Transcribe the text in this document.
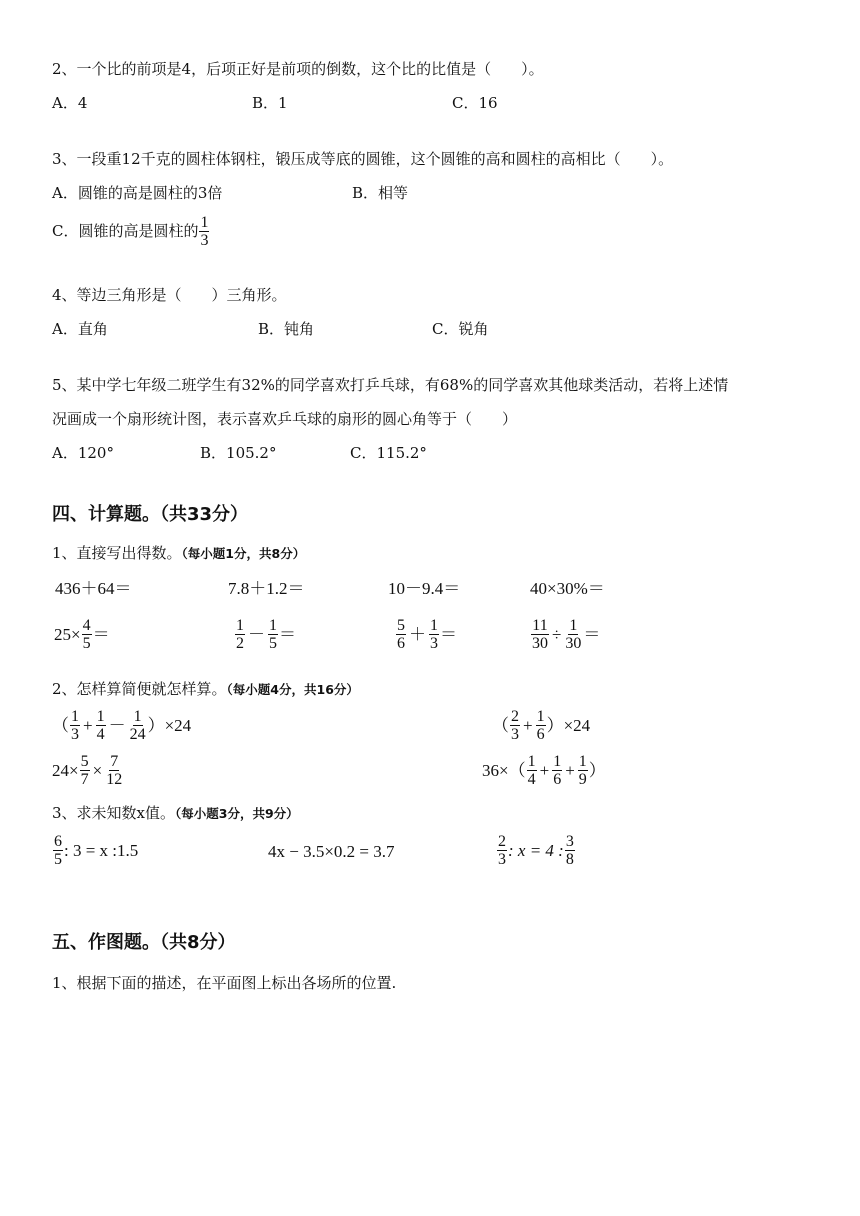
2、一个比的前项是4，后项正好是前项的倒数，这个比的比值是（　　）。
A．4	B．1	C．16
3、一段重12千克的圆柱体钢柱，锻压成等底的圆锥，这个圆锥的高和圆柱的高相比（　　）。
A．圆锥的高是圆柱的3倍	B．相等
C．圆锥的高是圆柱的 $\frac{1}{3}$
4、等边三角形是（　　）三角形。
A．直角	B．钝角	C．锐角
5、某中学七年级二班学生有32%的同学喜欢打乒乓球，有68%的同学喜欢其他球类活动，若将上述情
况画成一个扇形统计图，表示喜欢乒乓球的扇形的圆心角等于（　　）
A．120°	B．105.2°	C．115.2°
四、计算题。（共33分）
1、直接写出得数。（每小题1分，共8分）
436＋64＝	7.8＋1.2＝	10－9.4＝	40×30%＝
$25\times \frac{4}{5}$ ＝	$\frac{1}{2} - \frac{1}{5}$ ＝	$\frac{5}{6} + \frac{1}{3}$ ＝	$\frac{11}{30} \div \frac{1}{30}$ ＝
2、怎样算简便就怎样算。（每小题4分，共16分）
（ $\frac{1}{3} + \frac{1}{4} - \frac{1}{24} )\times 24$	（ $\frac{2}{3} + \frac{1}{6} )\times 24$
$24\times \frac{5}{7} \times \frac{7}{12}$	$36\times( \frac{1}{4} + \frac{1}{6} + \frac{1}{9}$ ）
3、求未知数x值。（每小题3分，共9分）
$\frac{6}{5}$ : 3 = x :1.5	4x − 3.5×0.2 = 3.7	$\frac{2}{3}$ : x = 4 : $\frac{3}{8}$
五、作图题。（共8分）
1、根据下面的描述，在平面图上标出各场所的位置.
